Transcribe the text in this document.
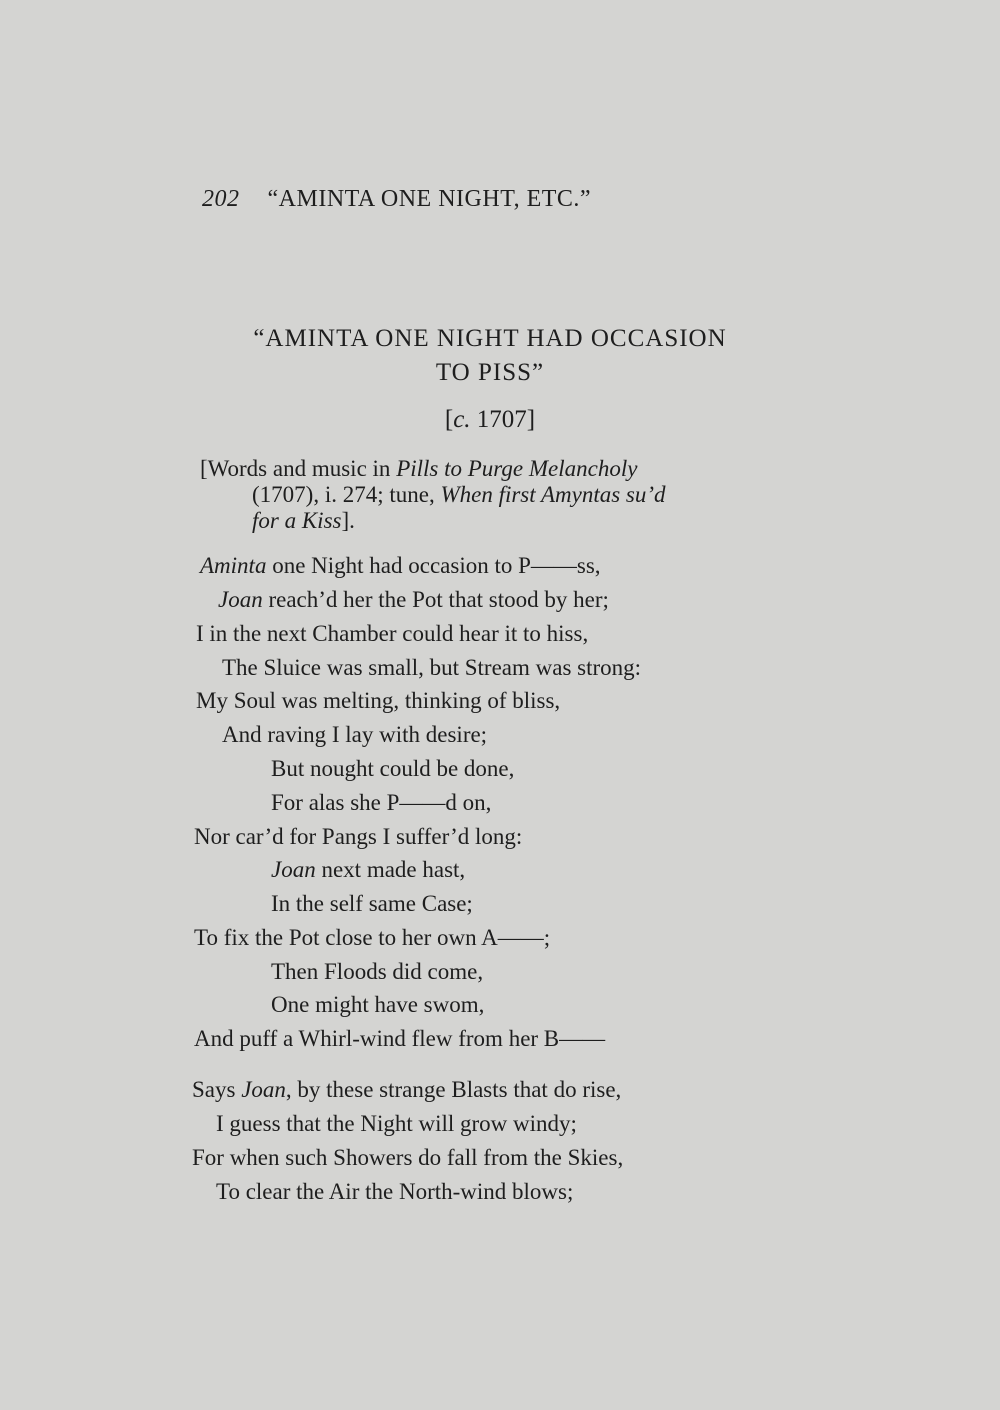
202 “AMINTA ONE NIGHT, ETC.”
“AMINTA ONE NIGHT HAD OCCASION
TO PISS”
[c. 1707]
[Words and music in Pills to Purge Melancholy
(1707), i. 274; tune, When first Amyntas su’d
for a Kiss].
Aminta one Night had occasion to P——ss,
Joan reach’d her the Pot that stood by her;
I in the next Chamber could hear it to hiss,
The Sluice was small, but Stream was strong:
My Soul was melting, thinking of bliss,
And raving I lay with desire;
But nought could be done,
For alas she P——d on,
Nor car’d for Pangs I suffer’d long:
Joan next made hast,
In the self same Case;
To fix the Pot close to her own A——;
Then Floods did come,
One might have swom,
And puff a Whirl-wind flew from her B——
Says Joan, by these strange Blasts that do rise,
I guess that the Night will grow windy;
For when such Showers do fall from the Skies,
To clear the Air the North-wind blows;
